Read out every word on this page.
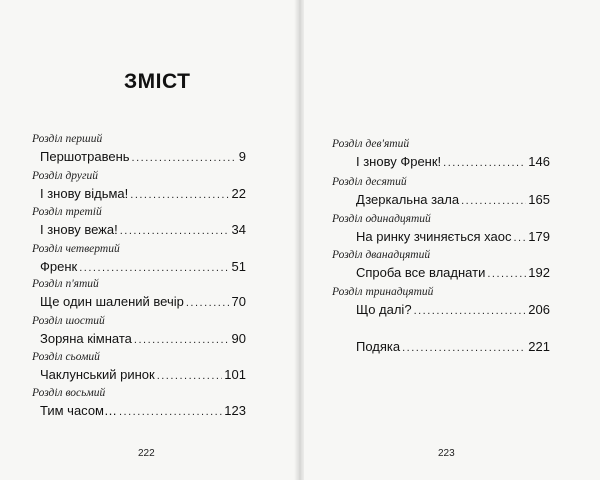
ЗМІСТ
Розділ перший
Першотравень .....	9
Розділ другий
І знову відьма! .....	22
Розділ третій
І знову вежа! .....	34
Розділ четвертий
Френк .....	51
Розділ п'ятий
Ще один шалений вечір .....	70
Розділ шостий
Зоряна кімната .....	90
Розділ сьомий
Чаклунський ринок .....	101
Розділ восьмий
Тим часом… .....	123
222
Розділ дев'ятий
І знову Френк! .....	146
Розділ десятий
Дзеркальна зала .....	165
Розділ одинадцятий
На ринку зчиняється хаос ..... 179
Розділ дванадцятий
Спроба все владнати .....	192
Розділ тринадцятий
Що далі? .....	206
Подяка .....	221
223
